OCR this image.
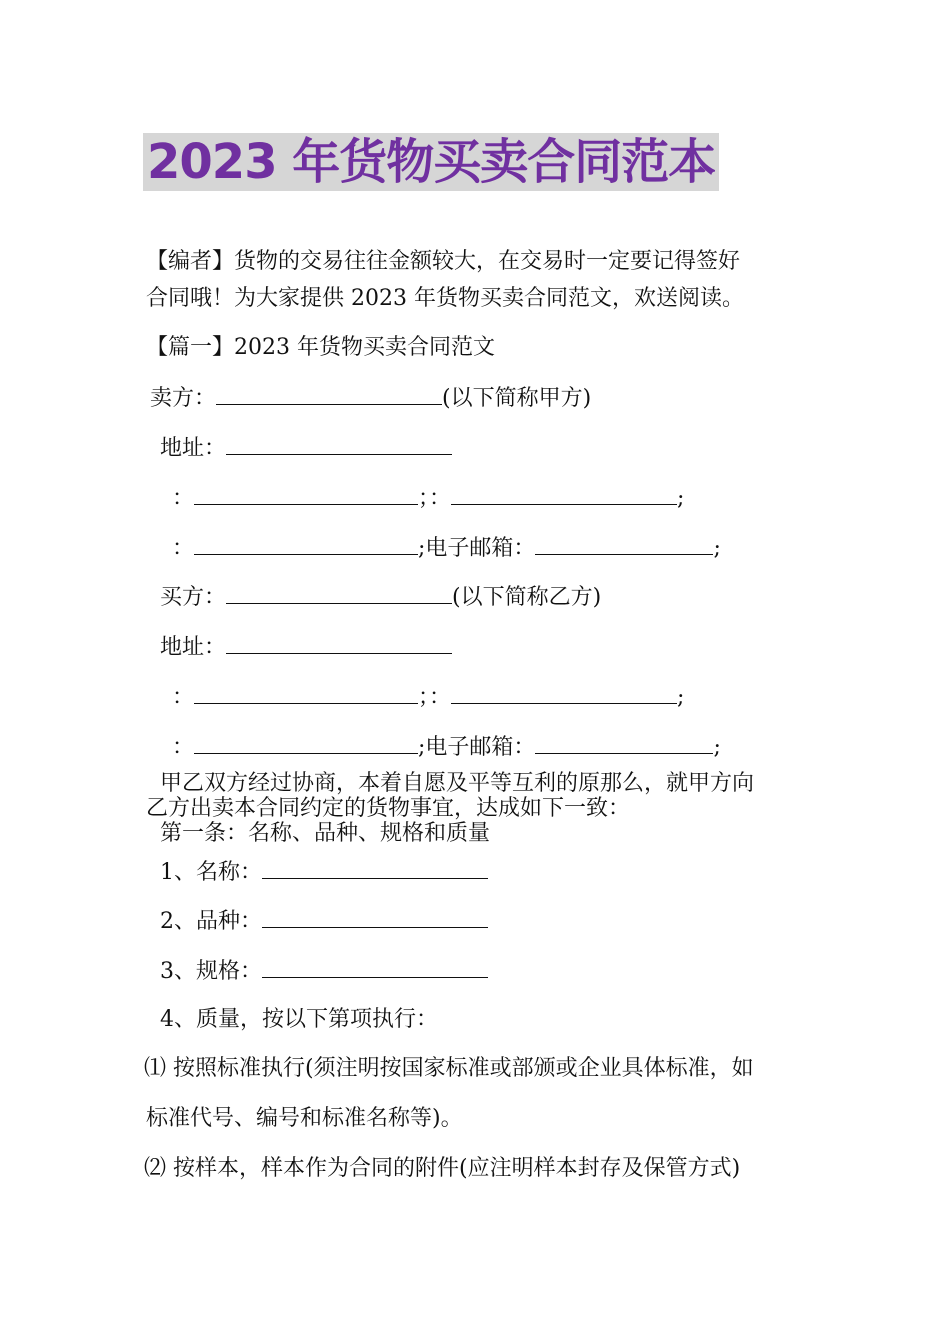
2023 年货物买卖合同范本
【编者】货物的交易往往金额较大，在交易时一定要记得签好
合同哦！为大家提供 2023 年货物买卖合同范文，欢送阅读。
【篇一】2023 年货物买卖合同范文
卖方：	(以下简称甲方)
地址：
：	；：	;
：	;电子邮箱：	;
买方：	(以下简称乙方)
地址：
：	；：	;
：	;电子邮箱：	;
甲乙双方经过协商，本着自愿及平等互利的原那么，就甲方向
乙方出卖本合同约定的货物事宜，达成如下一致：
第一条：名称、品种、规格和质量
1、名称：
2、品种：
3、规格：
4、质量，按以下第项执行：
⑴ 按照标准执行(须注明按国家标准或部颁或企业具体标准，如
标准代号、编号和标准名称等)。
⑵ 按样本，样本作为合同的附件(应注明样本封存及保管方式)
